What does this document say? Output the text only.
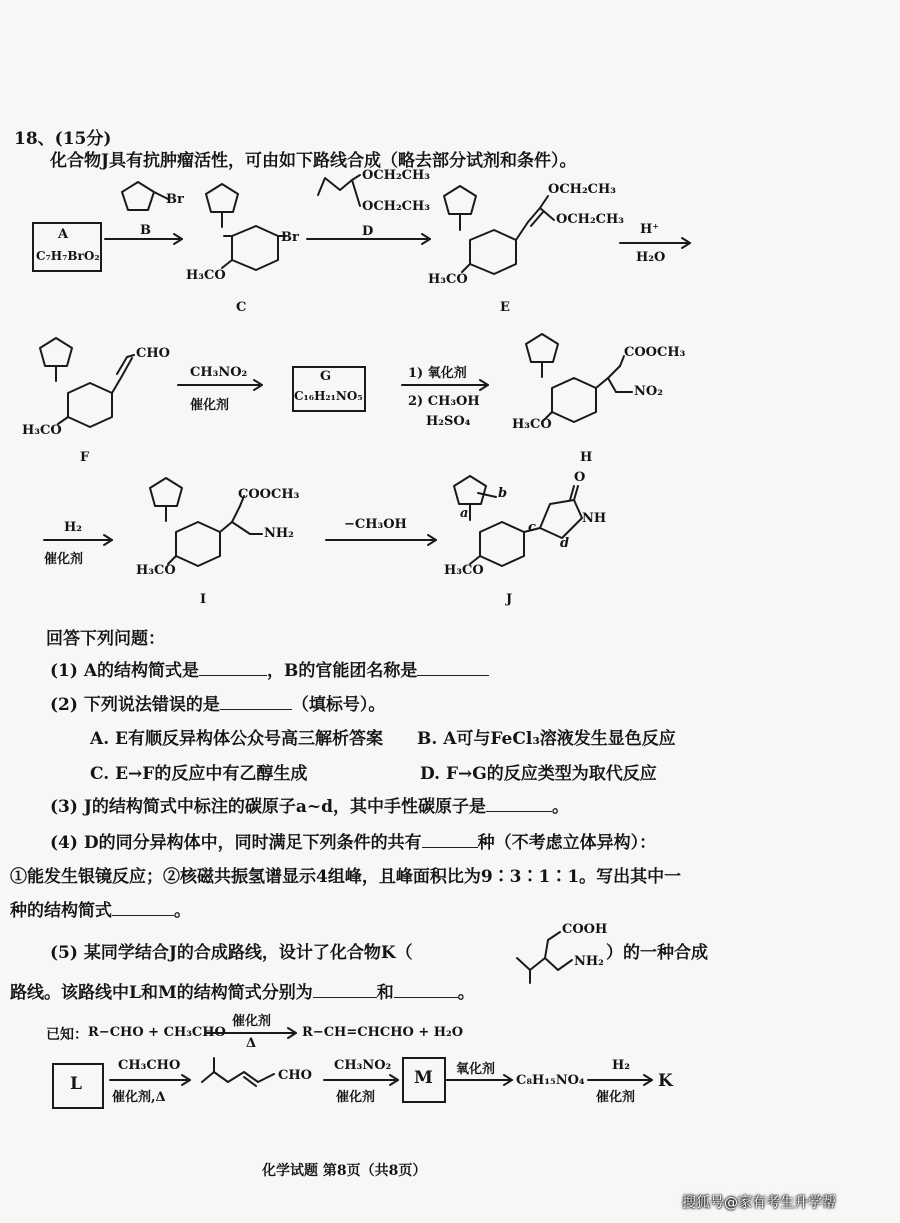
18、(15分)
化合物J具有抗肿瘤活性，可由如下路线合成（略去部分试剂和条件）。
A
C₇H₇BrO₂
Br
B	Br
H₃CO
C
OCH₂CH₃
OCH₂CH₃
D
OCH₂CH₃
OCH₂CH₃
H₃CO
E
H⁺
H₂O
CHO
H₃CO
F
CH₃NO₂
催化剂
G
C₁₆H₂₁NO₅
1) 氧化剂
2) CH₃OH
H₂SO₄
COOCH₃
NO₂
H₃CO
H
H₂
催化剂
COOCH₃
NH₂
H₃CO
I
−CH₃OH
O
NH
H₃CO
a
b
c
d
J
回答下列问题：
(1) A的结构简式是	，B的官能团名称是
(2) 下列说法错误的是	（填标号）。
A. E有顺反异构体公众号高三解析答案 B. A可与FeCl₃溶液发生显色反应
C. E→F的反应中有乙醇生成	D. F→G的反应类型为取代反应
(3) J的结构简式中标注的碳原子a~d，其中手性碳原子是	。
(4) D的同分异构体中，同时满足下列条件的共有	种（不考虑立体异构）：
①能发生银镜反应；②核磁共振氢谱显示4组峰，且峰面积比为9∶3∶1∶1。写出其中一
种的结构简式	。
(5) 某同学结合J的合成路线，设计了化合物K（
COOH
NH₂ ）的一种合成
路线。该路线中L和M的结构简式分别为	和	。
已知： R−CHO + CH₃CHO
催化剂
Δ
R−CH=CHCHO + H₂O
L
CH₃CHO
催化剂,Δ
CHO
CH₃NO₂
催化剂
M 氧化剂
C₈H₁₅NO₄
H₂
催化剂
K
化学试题 第8页（共8页）
搜狐号@家有考生升学帮
